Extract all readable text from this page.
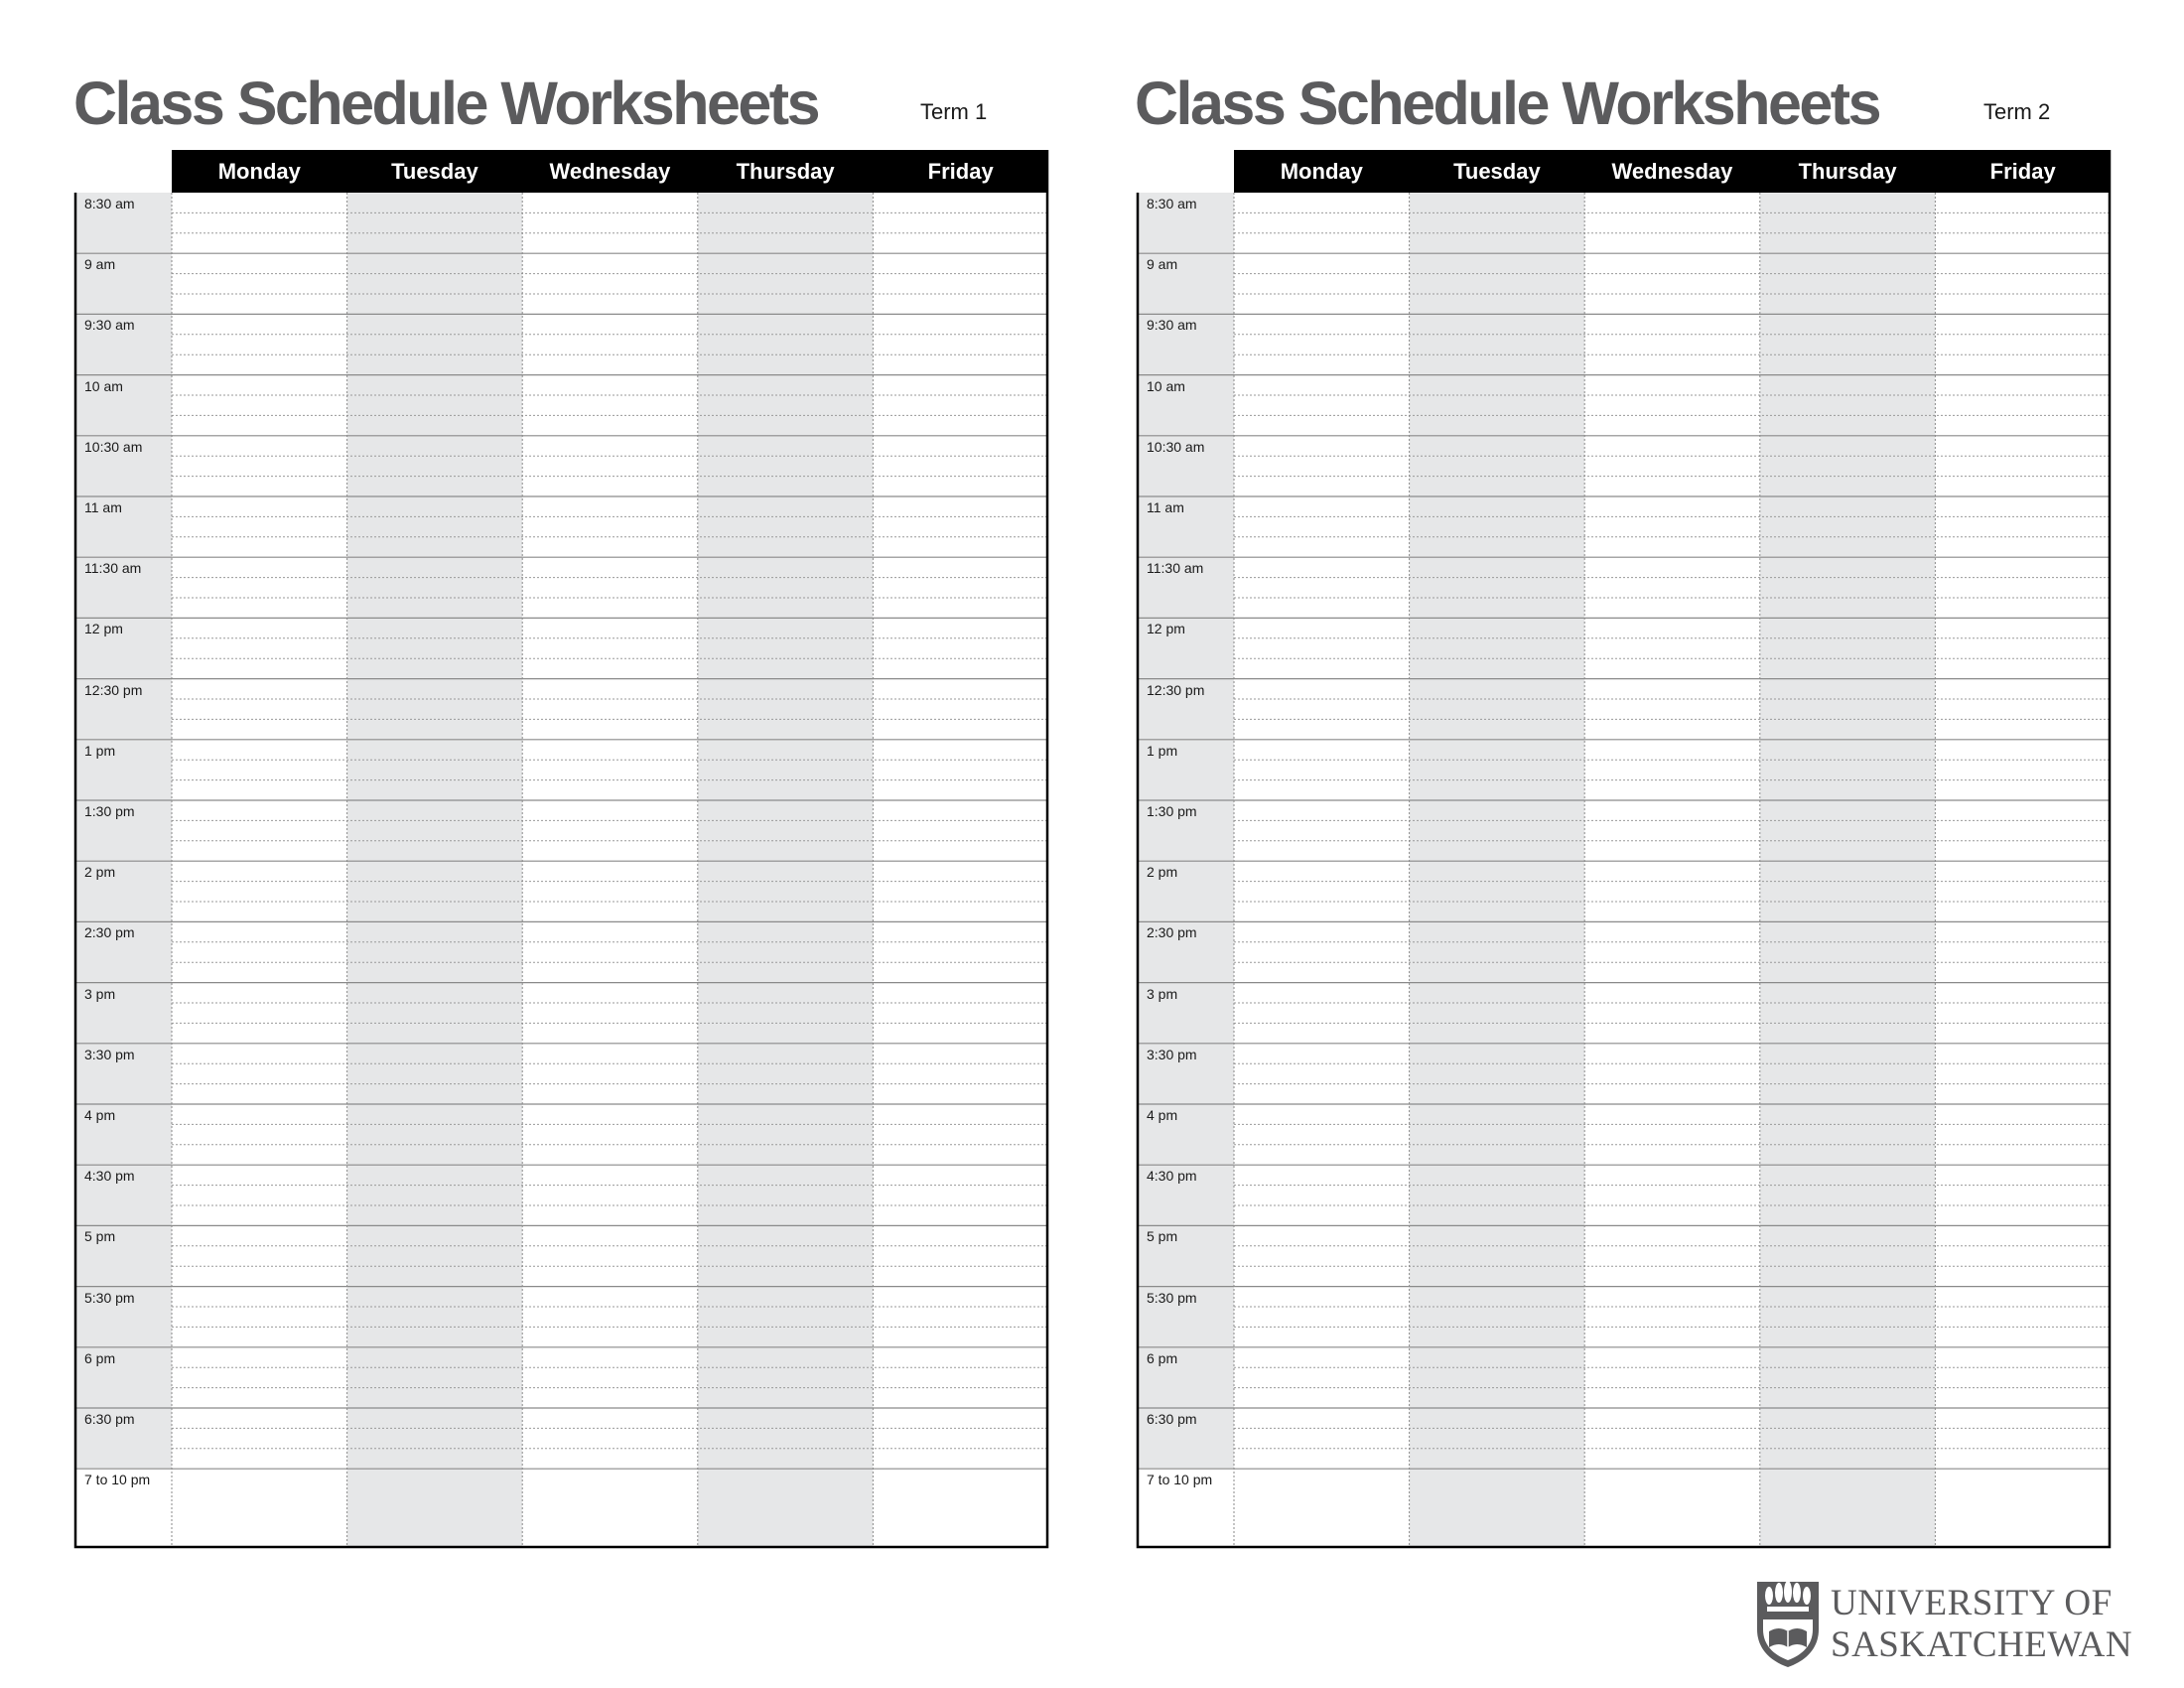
Class Schedule Worksheets	Term 1
Monday	Tuesday	Wednesday	Thursday	Friday
8:30 am
9 am
9:30 am
10 am
10:30 am
11 am
11:30 am
12 pm
12:30 pm
1 pm
1:30 pm
2 pm
2:30 pm
3 pm
3:30 pm
4 pm
4:30 pm
5 pm
5:30 pm
6 pm
6:30 pm
7 to 10 pm
Class Schedule Worksheets	Term 2
Monday	Tuesday	Wednesday	Thursday	Friday
8:30 am
9 am
9:30 am
10 am
10:30 am
11 am
11:30 am
12 pm
12:30 pm
1 pm
1:30 pm
2 pm
2:30 pm
3 pm
3:30 pm
4 pm
4:30 pm
5 pm
5:30 pm
6 pm
6:30 pm
7 to 10 pm
UNIVERSITY OF
SASKATCHEWAN
